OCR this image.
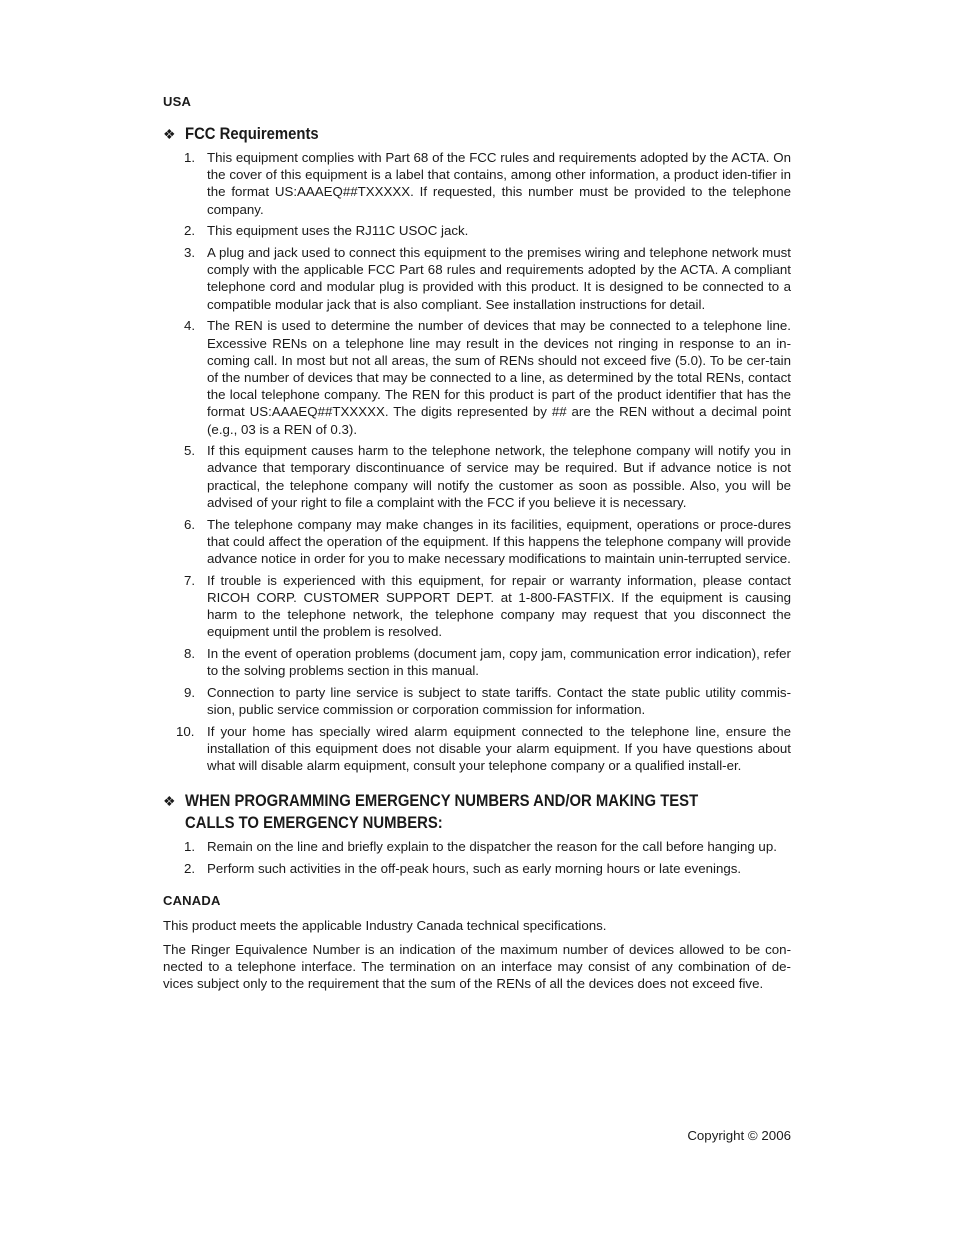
USA
❖ FCC Requirements
1. This equipment complies with Part 68 of the FCC rules and requirements adopted by the ACTA. On the cover of this equipment is a label that contains, among other information, a product iden-tifier in the format US:AAAEQ##TXXXXX. If requested, this number must be provided to the telephone company.
2. This equipment uses the RJ11C USOC jack.
3. A plug and jack used to connect this equipment to the premises wiring and telephone network must comply with the applicable FCC Part 68 rules and requirements adopted by the ACTA. A compliant telephone cord and modular plug is provided with this product. It is designed to be connected to a compatible modular jack that is also compliant. See installation instructions for detail.
4. The REN is used to determine the number of devices that may be connected to a telephone line. Excessive RENs on a telephone line may result in the devices not ringing in response to an in-coming call. In most but not all areas, the sum of RENs should not exceed five (5.0). To be cer-tain of the number of devices that may be connected to a line, as determined by the total RENs, contact the local telephone company. The REN for this product is part of the product identifier that has the format US:AAAEQ##TXXXXX. The digits represented by ## are the REN without a decimal point (e.g., 03 is a REN of 0.3).
5. If this equipment causes harm to the telephone network, the telephone company will notify you in advance that temporary discontinuance of service may be required. But if advance notice is not practical, the telephone company will notify the customer as soon as possible. Also, you will be advised of your right to file a complaint with the FCC if you believe it is necessary.
6. The telephone company may make changes in its facilities, equipment, operations or proce-dures that could affect the operation of the equipment. If this happens the telephone company will provide advance notice in order for you to make necessary modifications to maintain unin-terrupted service.
7. If trouble is experienced with this equipment, for repair or warranty information, please contact RICOH CORP. CUSTOMER SUPPORT DEPT. at 1-800-FASTFIX. If the equipment is causing harm to the telephone network, the telephone company may request that you disconnect the equipment until the problem is resolved.
8. In the event of operation problems (document jam, copy jam, communication error indication), refer to the solving problems section in this manual.
9. Connection to party line service is subject to state tariffs. Contact the state public utility commis-sion, public service commission or corporation commission for information.
10. If your home has specially wired alarm equipment connected to the telephone line, ensure the installation of this equipment does not disable your alarm equipment. If you have questions about what will disable alarm equipment, consult your telephone company or a qualified install-er.
❖ WHEN PROGRAMMING EMERGENCY NUMBERS AND/OR MAKING TEST CALLS TO EMERGENCY NUMBERS:
1. Remain on the line and briefly explain to the dispatcher the reason for the call before hanging up.
2. Perform such activities in the off-peak hours, such as early morning hours or late evenings.
CANADA

This product meets the applicable Industry Canada technical specifications.

The Ringer Equivalence Number is an indication of the maximum number of devices allowed to be con-nected to a telephone interface. The termination on an interface may consist of any combination of de-vices subject only to the requirement that the sum of the RENs of all the devices does not exceed five.

Copyright © 2006
